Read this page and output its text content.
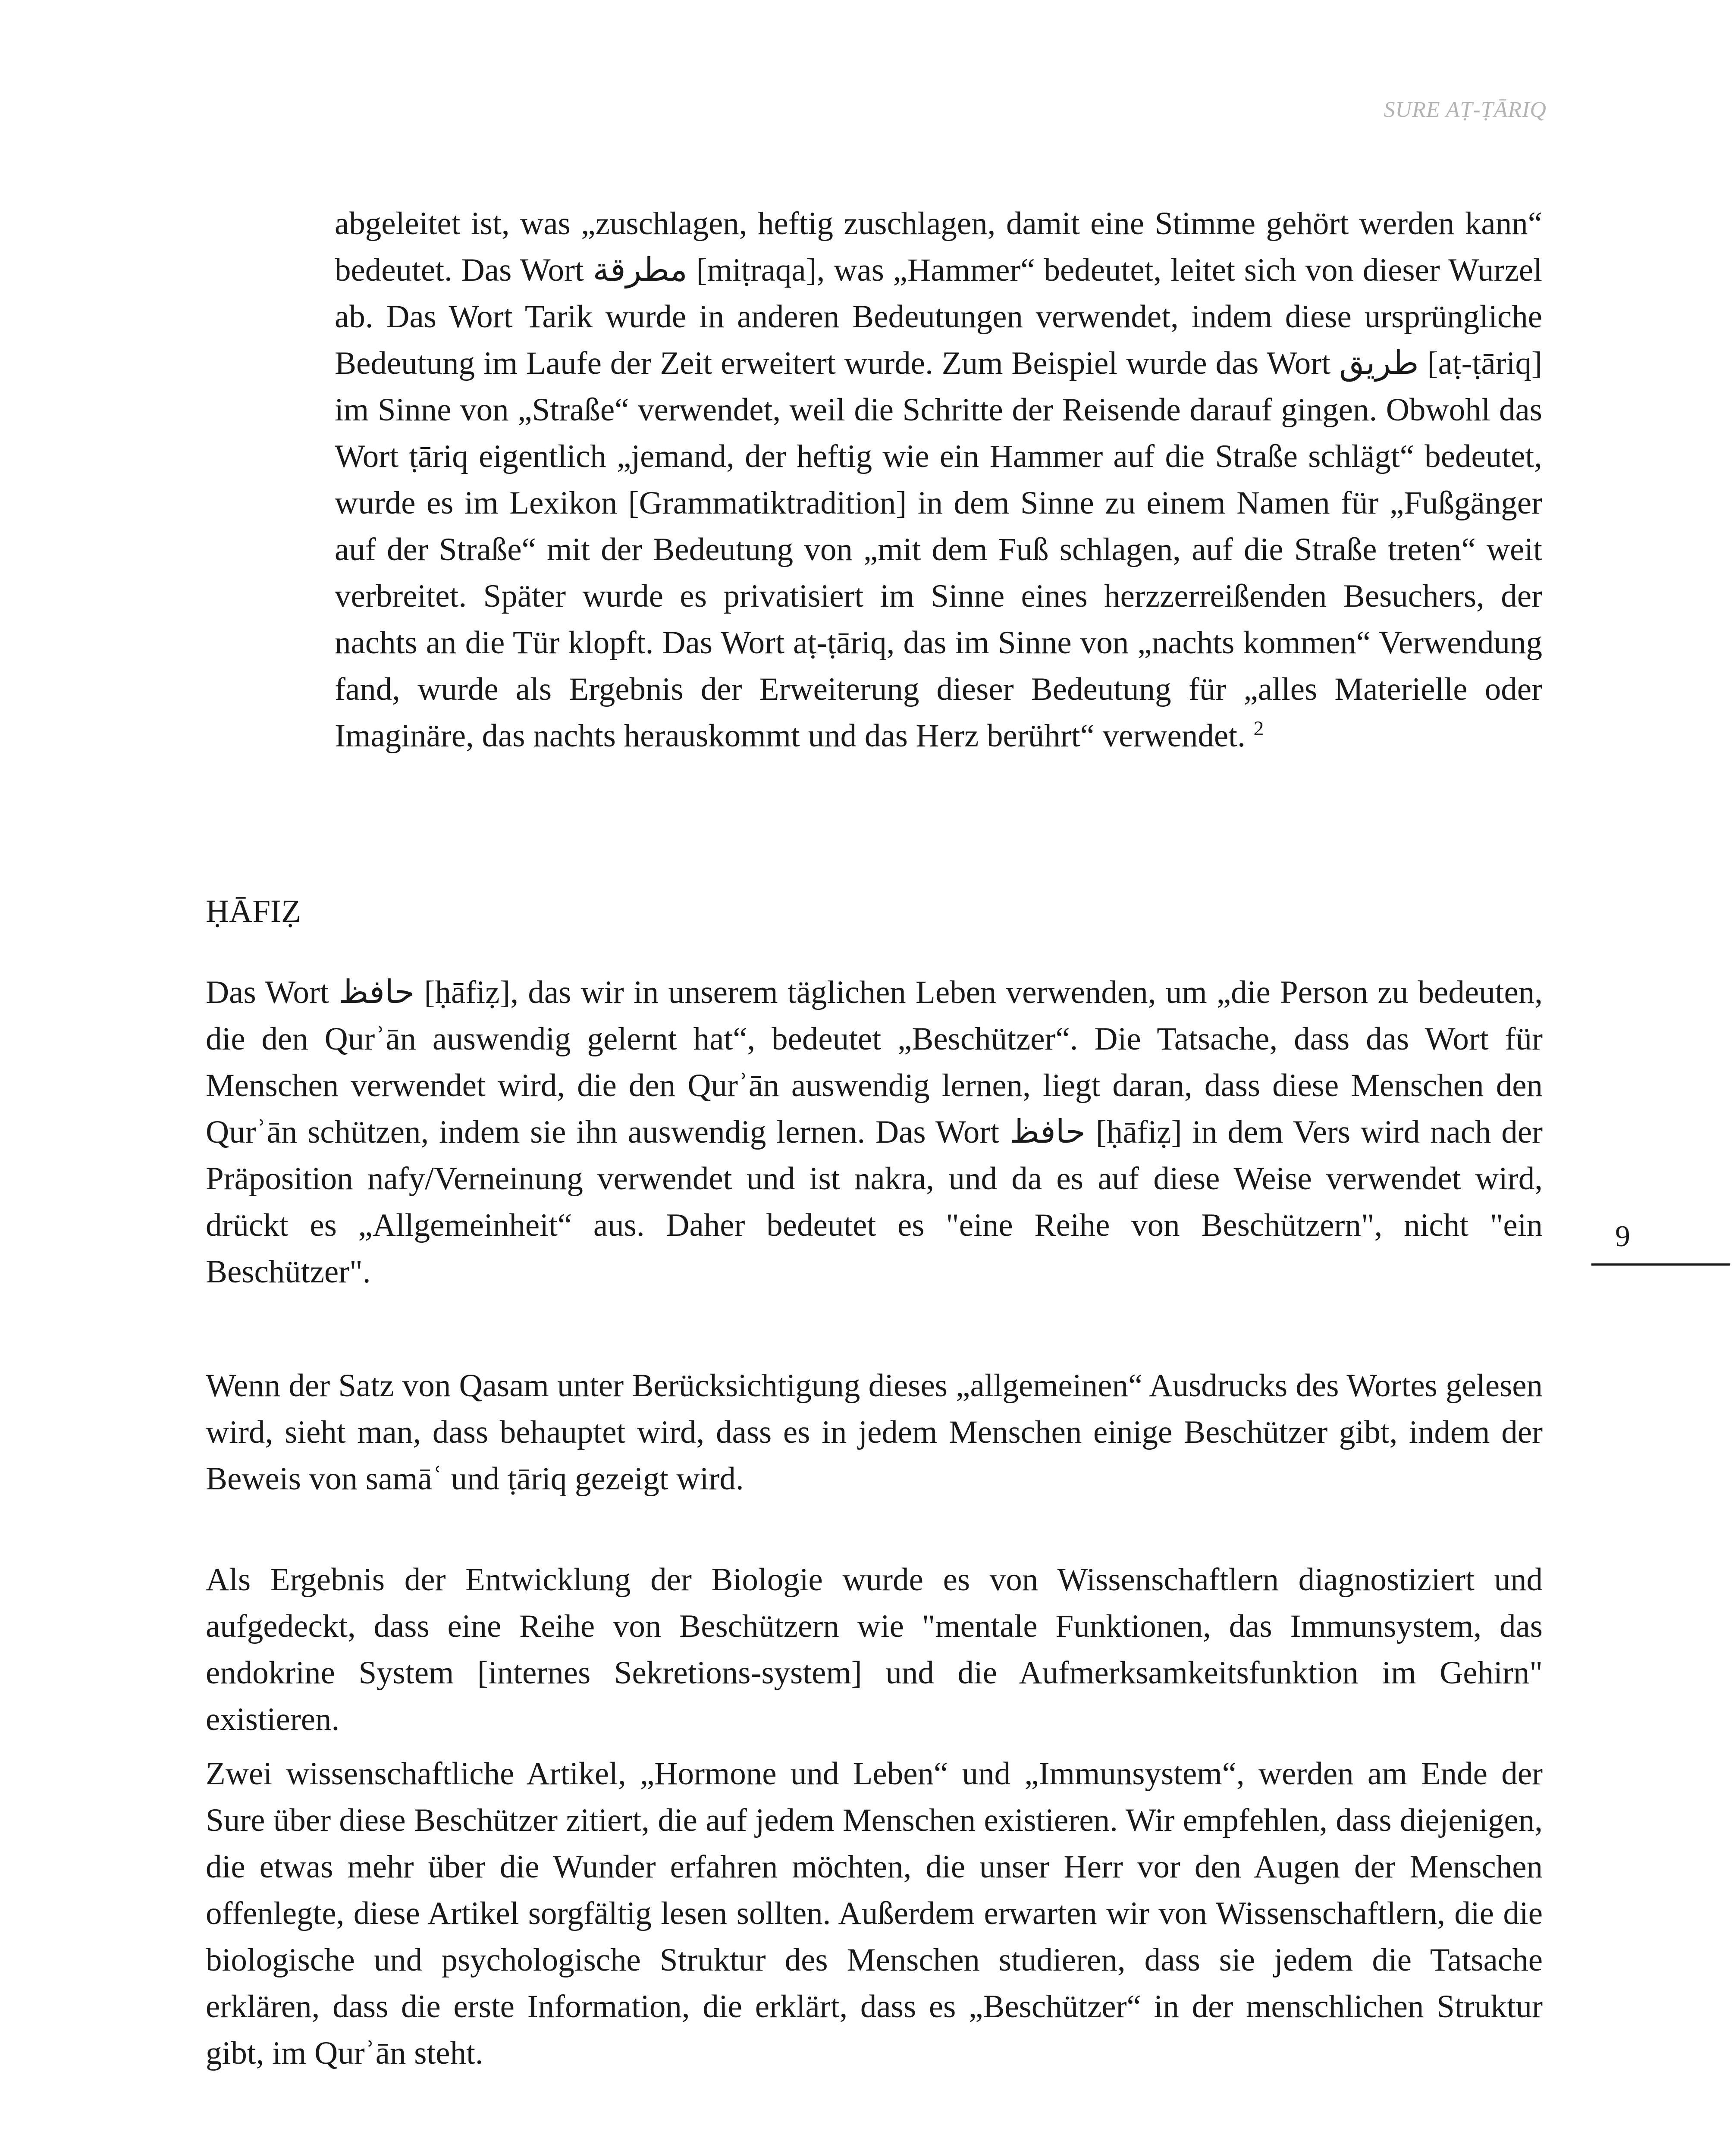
SURE AṬ-ṬĀRIQ
abgeleitet ist, was „zuschlagen, heftig zuschlagen, damit eine Stimme gehört werden kann“ bedeutet. Das Wort مطرقة [miṭraqa], was „Hammer“ bedeutet, leitet sich von dieser Wurzel ab. Das Wort Tarik wurde in anderen Bedeutungen verwendet, indem diese ursprüngliche Bedeutung im Laufe der Zeit erweitert wurde. Zum Beispiel wurde das Wort طريق [aṭ-ṭāriq] im Sinne von „Straße“ verwendet, weil die Schritte der Reisende darauf gingen. Obwohl das Wort ṭāriq eigentlich „jemand, der heftig wie ein Hammer auf die Straße schlägt“ bedeutet, wurde es im Lexikon [Grammatiktradition] in dem Sinne zu einem Namen für „Fußgänger auf der Straße“ mit der Bedeutung von „mit dem Fuß schlagen, auf die Straße treten“ weit verbreitet. Später wurde es privatisiert im Sinne eines herzzerreißenden Besuchers, der nachts an die Tür klopft. Das Wort aṭ-ṭāriq, das im Sinne von „nachts kommen“ Verwendung fand, wurde als Ergebnis der Erweiterung dieser Bedeutung für „alles Materielle oder Imaginäre, das nachts herauskommt und das Herz berührt“ verwendet. $^2$
ḤĀFIẒ
Das Wort حافظ [ḥāfiẓ], das wir in unserem täglichen Leben verwenden, um „die Person zu bedeuten, die den Qurʾān auswendig gelernt hat“, bedeutet „Beschützer“. Die Tatsache, dass das Wort für Menschen verwendet wird, die den Qurʾān auswendig lernen, liegt daran, dass diese Menschen den Qurʾān schützen, indem sie ihn auswendig lernen. Das Wort حافظ [ḥāfiẓ] in dem Vers wird nach der Präposition nafy/Verneinung verwendet und ist nakra, und da es auf diese Weise verwendet wird, drückt es „Allgemeinheit“ aus. Daher bedeutet es "eine Reihe von Beschützern", nicht "ein Beschützer".
Wenn der Satz von Qasam unter Berücksichtigung dieses „allgemeinen“ Ausdrucks des Wortes gelesen wird, sieht man, dass behauptet wird, dass es in jedem Menschen einige Beschützer gibt, indem der Beweis von samāʿ und ṭāriq gezeigt wird.
Als Ergebnis der Entwicklung der Biologie wurde es von Wissenschaftlern diagnostiziert und aufgedeckt, dass eine Reihe von Beschützern wie "mentale Funktionen, das Immunsystem, das endokrine System [internes Sekretions-system] und die Aufmerksamkeitsfunktion im Gehirn" existieren.
Zwei wissenschaftliche Artikel, „Hormone und Leben“ und „Immunsystem“, werden am Ende der Sure über diese Beschützer zitiert, die auf jedem Menschen existieren. Wir empfehlen, dass diejenigen, die etwas mehr über die Wunder erfahren möchten, die unser Herr vor den Augen der Menschen offenlegte, diese Artikel sorgfältig lesen sollten. Außerdem erwarten wir von Wissenschaftlern, die die biologische und psychologische Struktur des Menschen studieren, dass sie jedem die Tatsache erklären, dass die erste Information, die erklärt, dass es „Beschützer“ in der menschlichen Struktur gibt, im Qurʾān steht.
9
